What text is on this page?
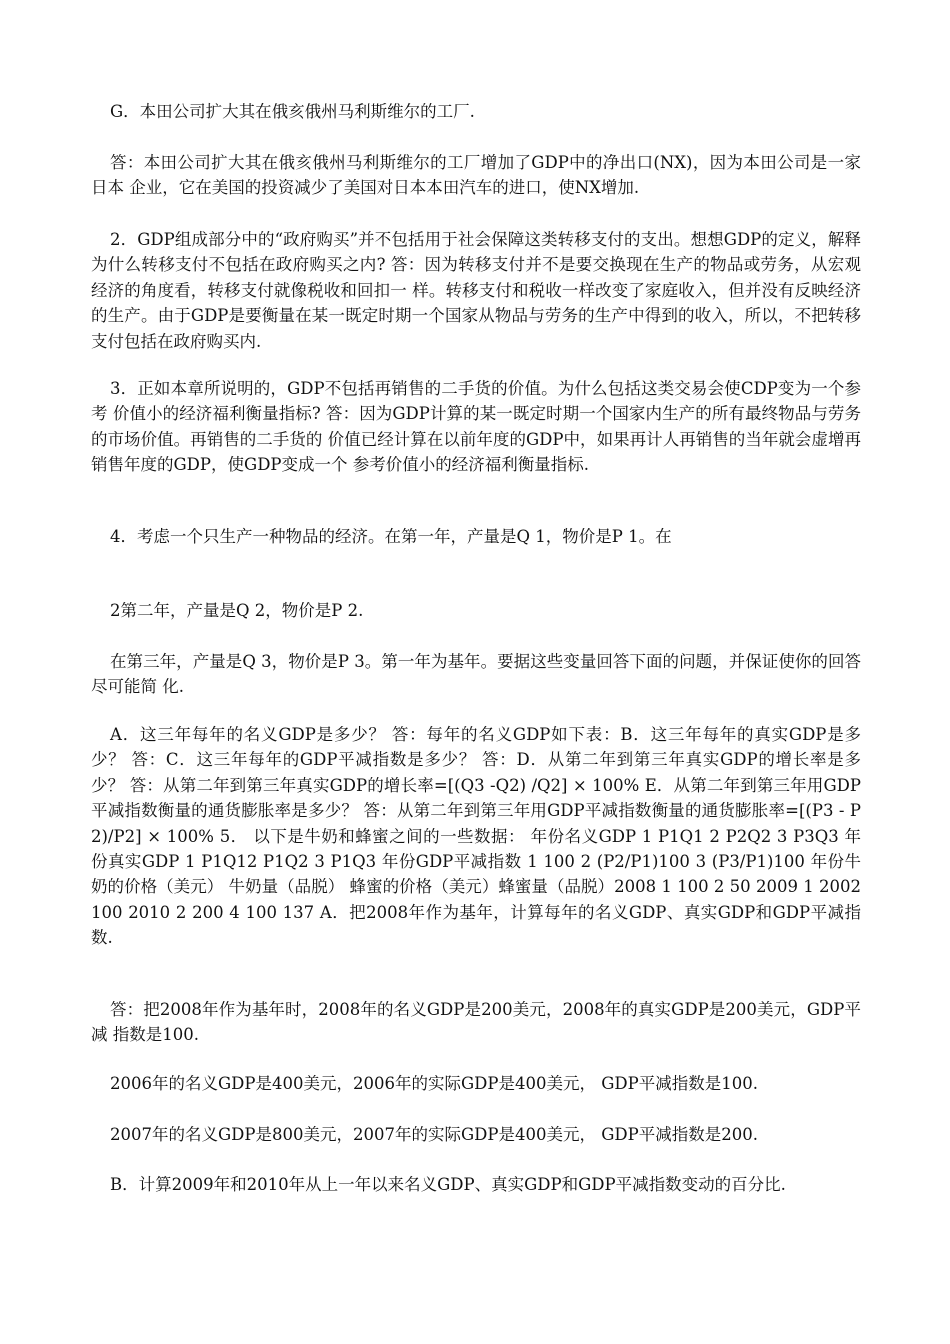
G．本田公司扩大其在俄亥俄州马利斯维尔的工厂.

答：本田公司扩大其在俄亥俄州马利斯维尔的工厂增加了GDP中的净出口(NX)，因为本田公司是一家日本 企业，它在美国的投资减少了美国对日本本田汽车的进口，使NX增加.

2．GDP组成部分中的“政府购买”并不包括用于社会保障这类转移支付的支出。想想GDP的定义，解释 为什么转移支付不包括在政府购买之内? 答：因为转移支付并不是要交换现在生产的物品或劳务，从宏观经济的角度看，转移支付就像税收和回扣一 样。转移支付和税收一样改变了家庭收入，但并没有反映经济的生产。由于GDP是要衡量在某一既定时期一个国家从物品与劳务的生产中得到的收入，所以，不把转移支付包括在政府购买内.

3．正如本章所说明的，GDP不包括再销售的二手货的价值。为什么包括这类交易会使CDP变为一个参考 价值小的经济福利衡量指标? 答：因为GDP计算的某一既定时期一个国家内生产的所有最终物品与劳务的市场价值。再销售的二手货的 价值已经计算在以前年度的GDP中，如果再计人再销售的当年就会虚增再销售年度的GDP，使GDP变成一个 参考价值小的经济福利衡量指标.

4．考虑一个只生产一种物品的经济。在第一年，产量是Q 1，物价是P 1。在

2第二年，产量是Q 2，物价是P 2.

在第三年，产量是Q 3，物价是P 3。第一年为基年。要据这些变量回答下面的问题，并保证使你的回答尽可能简 化.

A．这三年每年的名义GDP是多少？ 答：每年的名义GDP如下表：B．这三年每年的真实GDP是多少？ 答：C．这三年每年的GDP平减指数是多少？ 答：D．从第二年到第三年真实GDP的增长率是多少？ 答：从第二年到第三年真实GDP的增长率=[(Q3 -Q2) /Q2] × 100% E．从第二年到第三年用GDP平减指数衡量的通货膨胀率是多少？ 答：从第二年到第三年用GDP平减指数衡量的通货膨胀率=[(P3 - P2)/P2] × 100% 5． 以下是牛奶和蜂蜜之间的一些数据： 年份名义GDP 1 P1Q1 2 P2Q2 3 P3Q3 年份真实GDP 1 P1Q12 P1Q2 3 P1Q3 年份GDP平减指数 1 100 2 (P2/P1)100 3 (P3/P1)100 年份牛奶的价格（美元） 牛奶量（品脱） 蜂蜜的价格（美元）蜂蜜量（品脱）2008 1 100 2 50 2009 1 2002 100 2010 2 200 4 100 137 A．把2008年作为基年，计算每年的名义GDP、真实GDP和GDP平减指数.

答：把2008年作为基年时，2008年的名义GDP是200美元，2008年的真实GDP是200美元，GDP平减 指数是100.

2006年的名义GDP是400美元，2006年的实际GDP是400美元， GDP平减指数是100.

2007年的名义GDP是800美元，2007年的实际GDP是400美元， GDP平减指数是200.

B．计算2009年和2010年从上一年以来名义GDP、真实GDP和GDP平减指数变动的百分比.
